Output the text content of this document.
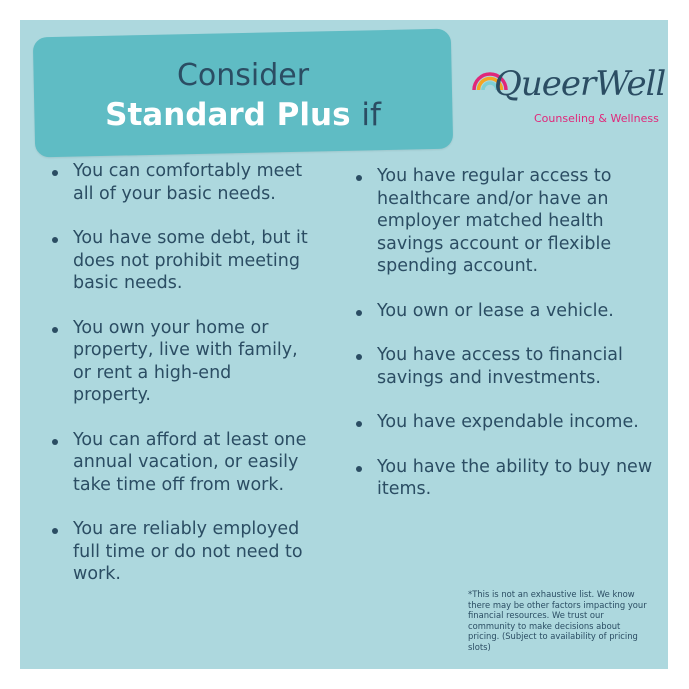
Consider
Standard Plus if
QueerWell
Counseling & Wellness
You can comfortably meet all of your basic needs.
You have some debt, but it does not prohibit meeting basic needs.
You own your home or property, live with family, or rent a high-end property.
You can afford at least one annual vacation, or easily take time off from work.
You are reliably employed full time or do not need to work.
You have regular access to healthcare and/or have an employer matched health savings account or flexible spending account.
You own or lease a vehicle.
You have access to financial savings and investments.
You have expendable income.
You have the ability to buy new items.
*This is not an exhaustive list. We know there may be other factors impacting your financial resources. We trust our community to make decisions about pricing. (Subject to availability of pricing slots)
